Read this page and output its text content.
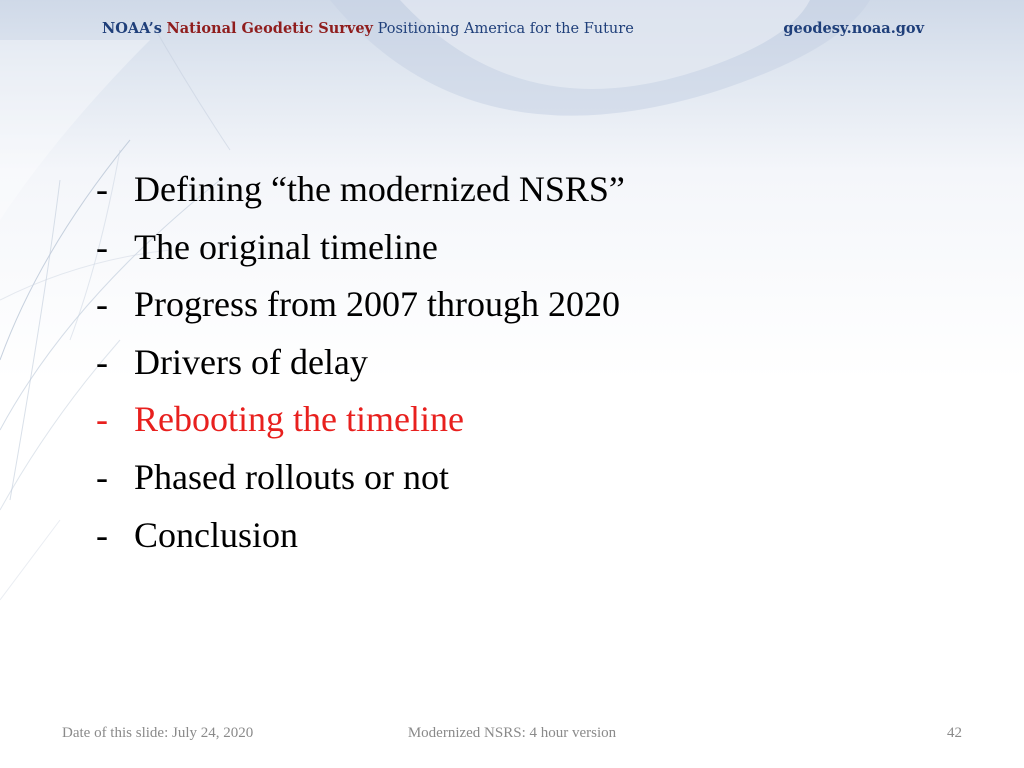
NOAA’s National Geodetic Survey Positioning America for the Future	geodesy.noaa.gov
- Defining “the modernized NSRS”
- The original timeline
- Progress from 2007 through 2020
- Drivers of delay
- Rebooting the timeline
- Phased rollouts or not
- Conclusion
Date of this slide: July 24, 2020	Modernized NSRS: 4 hour version	42
